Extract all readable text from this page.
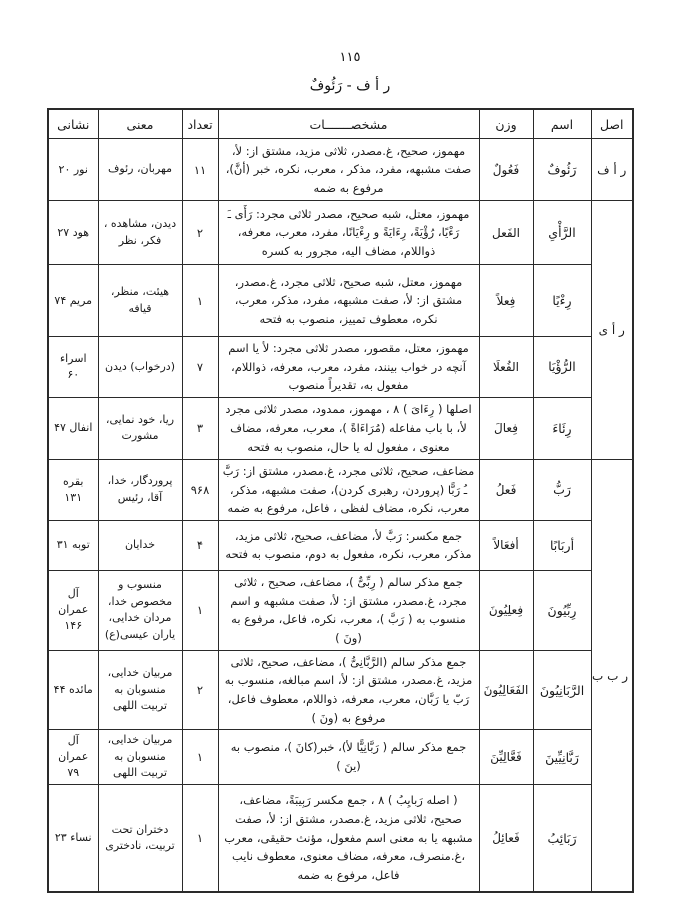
١١٥
ر أ ف - رَئُوفٌ
اصل	اسم	وزن	مشخصـــــــات	تعداد	معنى	نشانى
ر أ ف	رَئُوفٌ	فَعُولٌ	مهموز، صحيح، غ.مصدر، ثلاثى مزيد، مشتق از: ﻷ، صفت مشبهه، مفرد، مذكر ، معرب، نكره، خبر (أنَّ)، مرفوع به ضمه	۱۱	مهربان، رئوف	نور ۲۰
ر أ ى	الرَّأْىِ	الفَعل	مهموز، معتل، شبه صحيح، مصدر ثلاثى مجرد: رَأَى ـَ رَءْيًا، رُؤْيَةً، رِءَايَةً و رِءْيَانًا، مفرد، معرب، معرفه، ذواللام، مضاف اليه، مجرور به كسره	۲	ديدن، مشاهده ، فكر، نظر	هود ۲۷
	رِءْيًا	فِعلاً	مهموز، معتل، شبه صحيح، ثلاثى مجرد، غ.مصدر، مشتق از: ﻷ، صفت مشبهه، مفرد، مذكر، معرب، نكره، معطوف تمييز، منصوب به فتحه	۱	هيئت، منظر، قيافه	مريم ۷۴
	الرُّؤْيَا	الفُعلَا	مهموز، معتل، مقصور، مصدر ثلاثى مجرد: ﻷ يا اسم آنچه در خواب بينند، مفرد، معرب، معرفه، ذواللام، مفعول به، تقديراً منصوب	۷	(درخواب) ديدن	اسراء ۶۰
	رِئَاءَ	فِعالَ	اصلها ( رِءَاىَ ) ۸ ، مهموز، ممدود، مصدر ثلاثى مجرد ﻷ، با باب مفاعله (مُرَاءَاةً )، معرب، معرفه، مضاف معنوى ، مفعول له يا حال، منصوب به فتحه	۳	ريا، خود نمايى، مشورت	انفال ۴۷
ر ب ب	رَبُّ	فَعلُ	مضاعف، صحيح، ثلاثى مجرد، غ.مصدر، مشتق از: رَبَّ ـُ رَبًّا (پروردن، رهبرى كردن)، صفت مشبهه، مذكر، معرب، نكره، مضاف لفظى ، فاعل، مرفوع به ضمه	۹۶۸	پروردگار، خدا، آقا، رئيس	بقره ۱۳۱
	أربَابًا	أفعَالاً	جمع مكسر: رَبَّ ﻷ، مضاعف، صحيح، ثلاثى مزيد، مذكر، معرب، نكره، مفعول به دوم، منصوب به فتحه	۴	خدايان	توبه ۳۱
	رِبِّيُونَ	فِعلِيُونَ	جمع مذكر سالم ( رِبِّىٌّ )، مضاعف، صحيح ، ثلاثى مجرد، غ.مصدر، مشتق از: ﻷ، صفت مشبهه و اسم منسوب به ( رَبَّ )، معرب، نكره، فاعل، مرفوع به (ونَ )	۱	منسوب و مخصوص خدا، مردان خدايى، ياران عيسى(ع)	آل عمران ۱۴۶
	الرَّبَانِيُونَ	الفَعَالِيُونَ	جمع مذكر سالم (الرَّبَّانِىُّ )، مضاعف، صحيح، ثلاثى مزيد، غ.مصدر، مشتق از: ﻷ، اسم مبالغه، منسوب به رَبّ يا رَبَّان، معرب، معرفه، ذواللام، معطوف فاعل، مرفوع به (ونَ )	۲	مربيان خدايى، منسوبان به تربيت اللهى	مائده ۴۴
	رَبَّانِيِّينَ	فَعَّالِيِّنَ	جمع مذكر سالم ( رَبَّانِيًّا ﻷ)، خبر(كانَ )، منصوب به (ينَ )	۱	مربيان خدايى، منسوبان به تربيت اللهى	آل عمران ۷۹
	رَبَائِبُ	فَعائِلُ	( اصله رَبايِبُ ) ۸ ، جمع مكسر رَبِيبَةً، مضاعف، صحيح، ثلاثى مزيد، غ.مصدر، مشتق از: ﻷ، صفت مشبهه يا به معنى اسم مفعول، مؤنث حقيقى، معرب ،غ.منصرف، معرفه، مضاف معنوى، معطوف نايب فاعل، مرفوع به ضمه	۱	دختران تحت تربيت، نادخترى	نساء ۲۳
